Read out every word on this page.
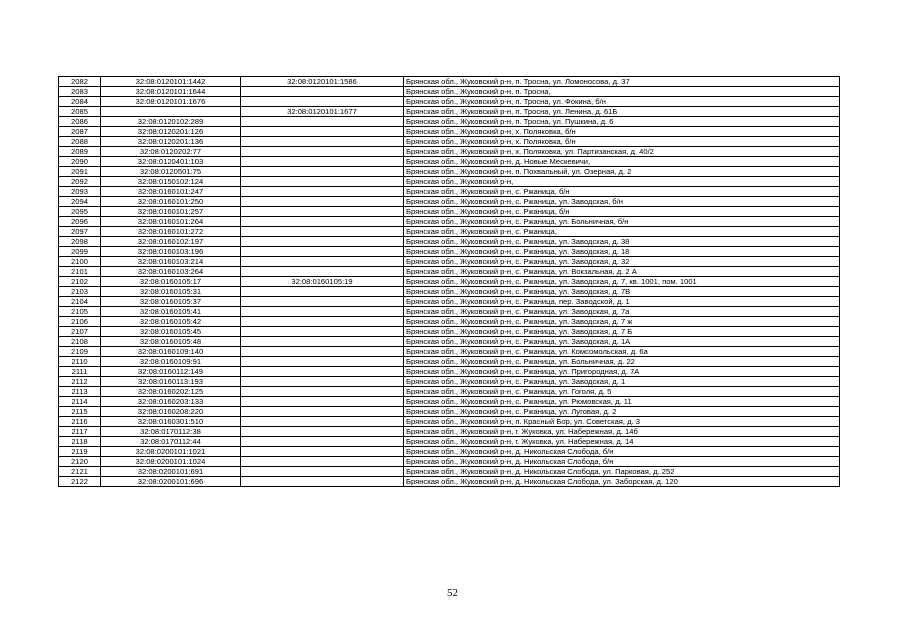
2082	32:08:0120101:1442	32:08:0120101:1586	Брянская обл., Жуковский р-н, п. Тросна, ул. Ломоносова, д. 37
2083	32:08:0120101:1644		Брянская обл., Жуковский р-н, п. Тросна,
2084	32:08:0120101:1676		Брянская обл., Жуковский р-н, п. Тросна, ул. Фокина, б/н
2085		32:08:0120101:1677	Брянская обл., Жуковский р-н, п. Тросна, ул. Ленина, д. 61Б
2086	32:08:0120102:289		Брянская обл., Жуковский р-н, п. Тросна, ул. Пушкина, д. 6
2087	32:08:0120201:126		Брянская обл., Жуковский р-н, х. Поляковка, б/н
2088	32:08:0120201:136		Брянская обл., Жуковский р-н, х. Поляковка, б/н
2089	32:08:0120202:77		Брянская обл., Жуковский р-н, х. Поляковка, ул. Партизанская, д. 40/2
2090	32:08:0120401:103		Брянская обл., Жуковский р-н, д. Новые Мескевичи,
2091	32:08:0120501:75		Брянская обл., Жуковский р-н, п. Похвальный, ул. Озерная, д. 2
2092	32:08:0150102:124		Брянская обл., Жуковский р-н,
2093	32:08:0160101:247		Брянская обл., Жуковский р-н, с. Ржаница, б/н
2094	32:08:0160101:250		Брянская обл., Жуковский р-н, с. Ржаница, ул. Заводская, б/н
2095	32:08:0160101:257		Брянская обл., Жуковский р-н, с. Ржаница, б/н
2096	32:08:0160101:264		Брянская обл., Жуковский р-н, с. Ржаница, ул. Больничная, б/н
2097	32:08:0160101:272		Брянская обл., Жуковский р-н, с. Ржаница,
2098	32:08:0160102:197		Брянская обл., Жуковский р-н, с. Ржаница, ул. Заводская, д. 38
2099	32:08:0160103:196		Брянская обл., Жуковский р-н, с. Ржаница, ул. Заводская, д. 18
2100	32:08:0160103:214		Брянская обл., Жуковский р-н, с. Ржаница, ул. Заводская, д. 32
2101	32:08:0160103:264		Брянская обл., Жуковский р-н, с. Ржаница, ул. Вокзальная, д. 2 А
2102	32:08:0160105:17	32:08:0160105:19	Брянская обл., Жуковский р-н, с. Ржаница, ул. Заводская, д. 7, кв. 1001, пом. 1001
2103	32:08:0160105:31		Брянская обл., Жуковский р-н, с. Ржаница, ул. Заводская, д. 7В
2104	32:08:0160105:37		Брянская обл., Жуковский р-н, с. Ржаница, пер. Заводской, д. 1
2105	32:08:0160105:41		Брянская обл., Жуковский р-н, с. Ржаница, ул. Заводская, д. 7а
2106	32:08:0160105:42		Брянская обл., Жуковский р-н, с. Ржаница, ул. Заводская, д. 7 ж
2107	32:08:0160105:45		Брянская обл., Жуковский р-н, с. Ржаница, ул. Заводская, д. 7 Б
2108	32:08:0160105:48		Брянская обл., Жуковский р-н, с. Ржаница, ул. Заводская, д. 1А
2109	32:08:0160109:140		Брянская обл., Жуковский р-н, с. Ржаница, ул. Комсомольская, д. 6а
2110	32:08:0160109:91		Брянская обл., Жуковский р-н, с. Ржаница, ул. Больничная, д. 22
2111	32:08:0160112:149		Брянская обл., Жуковский р-н, с. Ржаница, ул. Пригородная, д. 7А
2112	32:08:0160113:193		Брянская обл., Жуковский р-н, с. Ржаница, ул. Заводская, д. 1
2113	32:08:0160202:125		Брянская обл., Жуковский р-н, с. Ржаница, ул. Гоголя, д. 5
2114	32:08:0160203:133		Брянская обл., Жуковский р-н, с. Ржаница, ул. Рюмовская, д. 11
2115	32:08:0160208:220		Брянская обл., Жуковский р-н, с. Ржаница, ул. Луговая, д. 2
2116	32:08:0160301:510		Брянская обл., Жуковский р-н, п. Красный Бор, ул. Советская, д. 3
2117	32:08:0170112:38		Брянская обл., Жуковский р-н, г. Жуковка, ул. Набережная, д. 14б
2118	32:08:0170112:44		Брянская обл., Жуковский р-н, г. Жуковка, ул. Набережная, д. 14
2119	32:08:0200101:1021		Брянская обл., Жуковский р-н, д. Никольская Слобода, б/н
2120	32:08:0200101:1024		Брянская обл., Жуковский р-н, д. Никольская Слобода, б/н
2121	32:08:0200101:691		Брянская обл., Жуковский р-н, д. Никольская Слобода, ул. Парковая, д. 252
2122	32:08:0200101:696		Брянская обл., Жуковский р-н, д. Никольская Слобода, ул. Заборская, д. 120
52
